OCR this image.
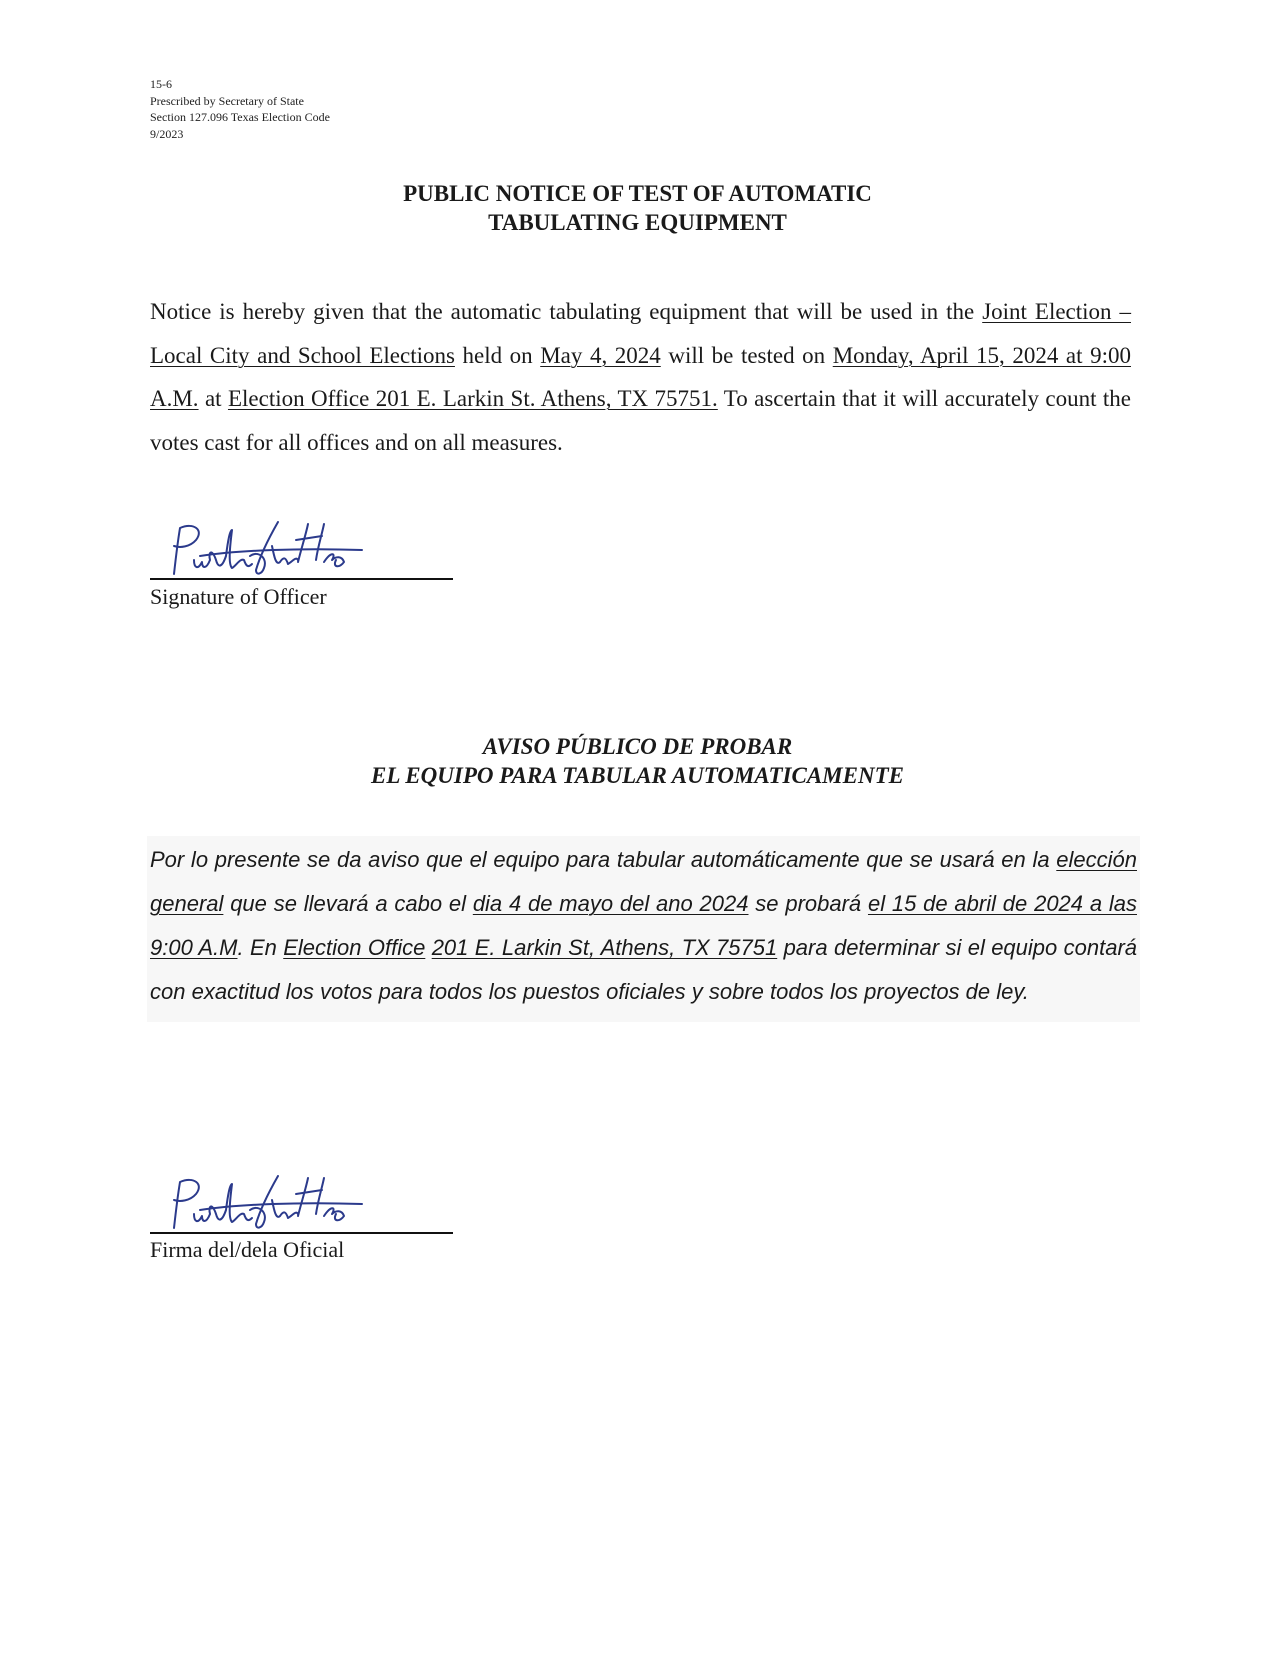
15-6
Prescribed by Secretary of State
Section 127.096 Texas Election Code
9/2023
PUBLIC NOTICE OF TEST OF AUTOMATIC
TABULATING EQUIPMENT
Notice is hereby given that the automatic tabulating equipment that will be used in the Joint Election – Local City and School Elections held on May 4, 2024 will be tested on Monday, April 15, 2024 at 9:00 A.M. at Election Office 201 E. Larkin St. Athens, TX 75751. To ascertain that it will accurately count the votes cast for all offices and on all measures.
Signature of Officer
AVISO PÚBLICO DE PROBAR
EL EQUIPO PARA TABULAR AUTOMATICAMENTE
Por lo presente se da aviso que el equipo para tabular automáticamente que se usará en la elección general que se llevará a cabo el dia 4 de mayo del ano 2024 se probará el 15 de abril de 2024 a las 9:00 A.M. En Election Office 201 E. Larkin St, Athens, TX 75751 para determinar si el equipo contará con exactitud los votos para todos los puestos oficiales y sobre todos los proyectos de ley.
Firma del/dela Oficial
